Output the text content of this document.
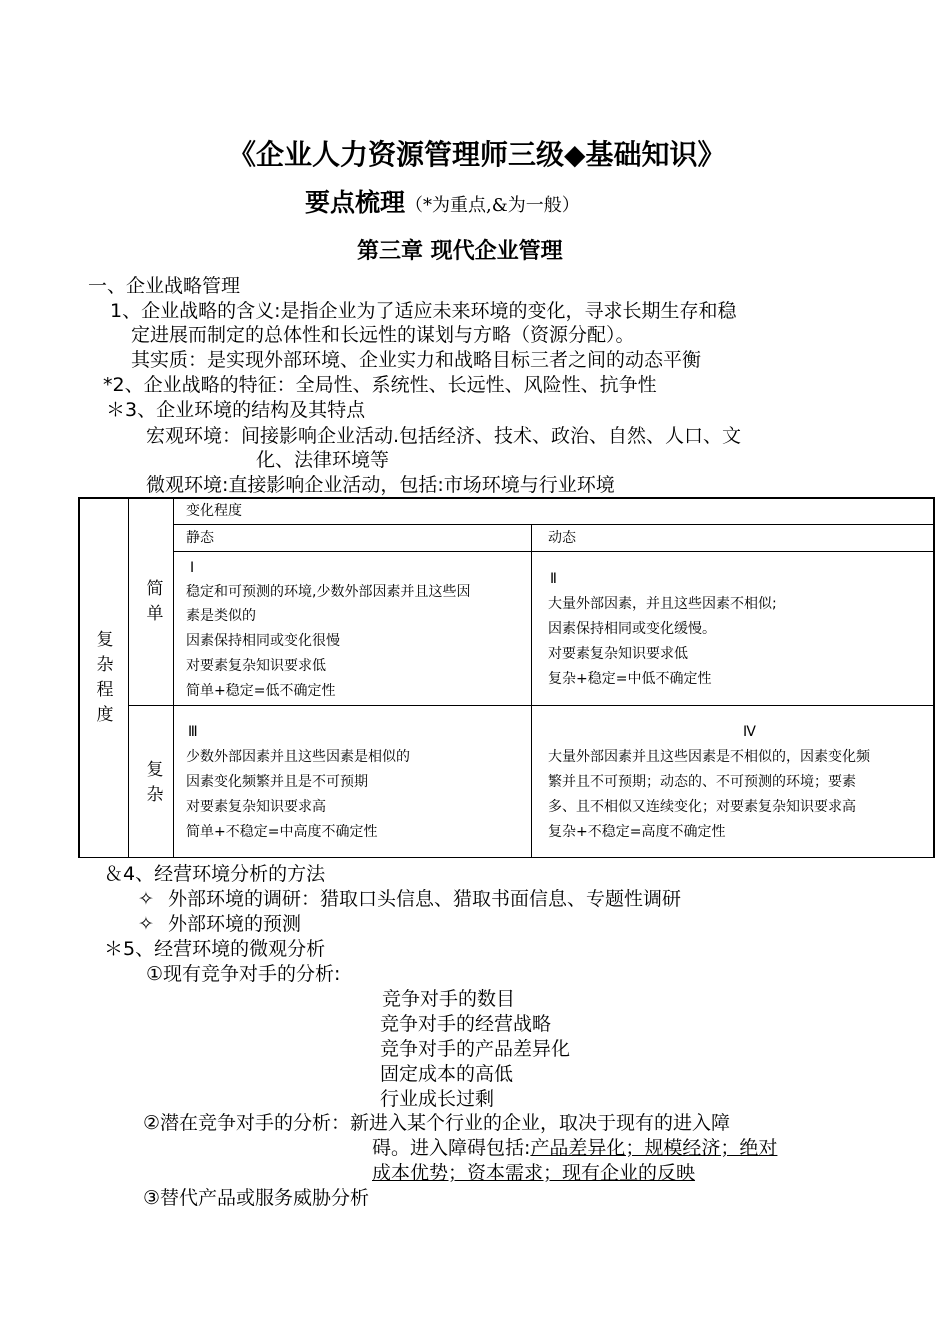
《企业人力资源管理师三级◆基础知识》
要点梳理（*为重点,&为一般）
第三章 现代企业管理
一、企业战略管理
1、企业战略的含义:是指企业为了适应未来环境的变化，寻求长期生存和稳
定进展而制定的总体性和长远性的谋划与方略（资源分配）。
其实质：是实现外部环境、企业实力和战略目标三者之间的动态平衡
*2、企业战略的特征：全局性、系统性、长远性、风险性、抗争性
＊3、企业环境的结构及其特点
宏观环境：间接影响企业活动.包括经济、技术、政治、自然、人口、文
化、法律环境等
微观环境:直接影响企业活动，包括:市场环境与行业环境
复杂程度
简单
复杂
变化程度
静态	动态
Ⅰ
稳定和可预测的环境,少数外部因素并且这些因
素是类似的
因素保持相同或变化很慢
对要素复杂知识要求低
简单+稳定=低不确定性
Ⅱ
大量外部因素，并且这些因素不相似;
因素保持相同或变化缓慢。
对要素复杂知识要求低
复杂+稳定=中低不确定性
Ⅲ
少数外部因素并且这些因素是相似的
因素变化频繁并且是不可预期
对要素复杂知识要求高
简单+不稳定=中高度不确定性
Ⅳ
大量外部因素并且这些因素是不相似的，因素变化频
繁并且不可预期；动态的、不可预测的环境；要素
多、且不相似又连续变化；对要素复杂知识要求高
复杂+不稳定=高度不确定性
＆4、经营环境分析的方法
✧ 外部环境的调研：猎取口头信息、猎取书面信息、专题性调研
✧ 外部环境的预测
＊5、经营环境的微观分析
①现有竞争对手的分析:
竞争对手的数目
竞争对手的经营战略
竞争对手的产品差异化
固定成本的高低
行业成长过剩
②潜在竞争对手的分析：新进入某个行业的企业，取决于现有的进入障
碍。进入障碍包括:产品差异化；规模经济；绝对
成本优势；资本需求；现有企业的反映
③替代产品或服务威胁分析
